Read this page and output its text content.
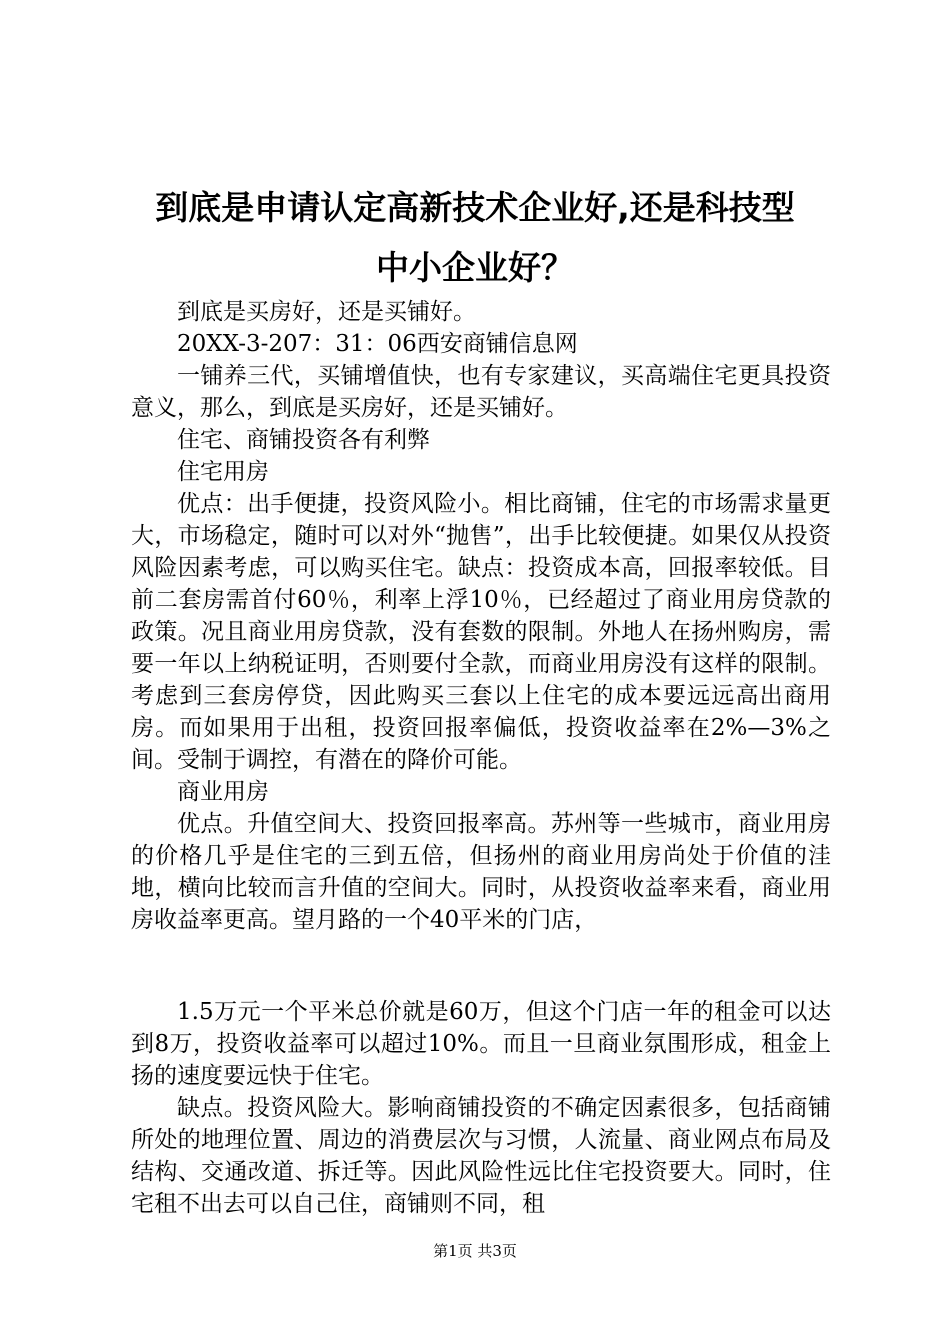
到底是申请认定高新技术企业好,还是科技型
中小企业好？

到底是买房好，还是买铺好。

20XX-3-207：31：06西安商铺信息网

一铺养三代，买铺增值快，也有专家建议，买高端住宅更具投资意义，那么，到底是买房好，还是买铺好。

住宅、商铺投资各有利弊

住宅用房

优点：出手便捷，投资风险小。相比商铺，住宅的市场需求量更大，市场稳定，随时可以对外“抛售”，出手比较便捷。如果仅从投资风险因素考虑，可以购买住宅。缺点：投资成本高，回报率较低。目前二套房需首付60％，利率上浮10％，已经超过了商业用房贷款的政策。况且商业用房贷款，没有套数的限制。外地人在扬州购房，需要一年以上纳税证明，否则要付全款，而商业用房没有这样的限制。考虑到三套房停贷，因此购买三套以上住宅的成本要远远高出商用房。而如果用于出租，投资回报率偏低，投资收益率在2%—3%之间。受制于调控，有潜在的降价可能。

商业用房

优点。升值空间大、投资回报率高。苏州等一些城市，商业用房的价格几乎是住宅的三到五倍，但扬州的商业用房尚处于价值的洼地，横向比较而言升值的空间大。同时，从投资收益率来看，商业用房收益率更高。望月路的一个40平米的门店，

1.5万元一个平米总价就是60万，但这个门店一年的租金可以达到8万，投资收益率可以超过10%。而且一旦商业氛围形成，租金上扬的速度要远快于住宅。

缺点。投资风险大。影响商铺投资的不确定因素很多，包括商铺所处的地理位置、周边的消费层次与习惯，人流量、商业网点布局及结构、交通改道、拆迁等。因此风险性远比住宅投资要大。同时，住宅租不出去可以自己住，商铺则不同，租

第1页 共3页
